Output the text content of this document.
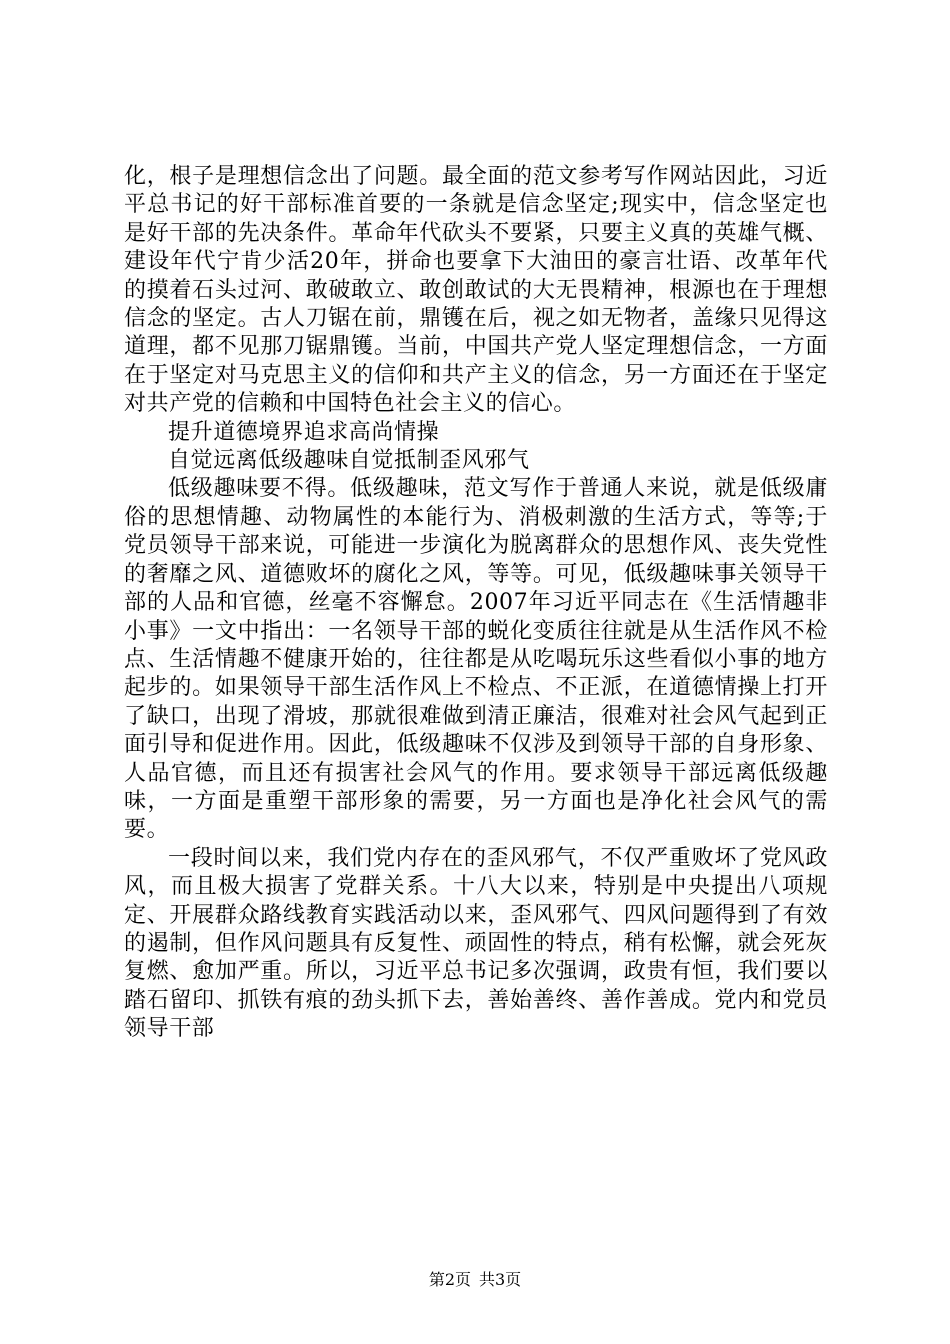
化，根子是理想信念出了问题。最全面的范文参考写作网站因此，习近平总书记的好干部标准首要的一条就是信念坚定;现实中，信念坚定也是好干部的先决条件。革命年代砍头不要紧，只要主义真的英雄气概、建设年代宁肯少活20年，拼命也要拿下大油田的豪言壮语、改革年代的摸着石头过河、敢破敢立、敢创敢试的大无畏精神，根源也在于理想信念的坚定。古人刀锯在前，鼎镬在后，视之如无物者，盖缘只见得这道理，都不见那刀锯鼎镬。当前，中国共产党人坚定理想信念，一方面在于坚定对马克思主义的信仰和共产主义的信念，另一方面还在于坚定对共产党的信赖和中国特色社会主义的信心。

提升道德境界追求高尚情操

自觉远离低级趣味自觉抵制歪风邪气

低级趣味要不得。低级趣味，范文写作于普通人来说，就是低级庸俗的思想情趣、动物属性的本能行为、消极刺激的生活方式，等等;于党员领导干部来说，可能进一步演化为脱离群众的思想作风、丧失党性的奢靡之风、道德败坏的腐化之风，等等。可见，低级趣味事关领导干部的人品和官德，丝毫不容懈怠。2007年习近平同志在《生活情趣非小事》一文中指出：一名领导干部的蜕化变质往往就是从生活作风不检点、生活情趣不健康开始的，往往都是从吃喝玩乐这些看似小事的地方起步的。如果领导干部生活作风上不检点、不正派，在道德情操上打开了缺口，出现了滑坡，那就很难做到清正廉洁，很难对社会风气起到正面引导和促进作用。因此，低级趣味不仅涉及到领导干部的自身形象、人品官德，而且还有损害社会风气的作用。要求领导干部远离低级趣味，一方面是重塑干部形象的需要，另一方面也是净化社会风气的需要。

一段时间以来，我们党内存在的歪风邪气，不仅严重败坏了党风政风，而且极大损害了党群关系。十八大以来，特别是中央提出八项规定、开展群众路线教育实践活动以来，歪风邪气、四风问题得到了有效的遏制，但作风问题具有反复性、顽固性的特点，稍有松懈，就会死灰复燃、愈加严重。所以，习近平总书记多次强调，政贵有恒，我们要以踏石留印、抓铁有痕的劲头抓下去，善始善终、善作善成。党内和党员领导干部

第2页 共3页
